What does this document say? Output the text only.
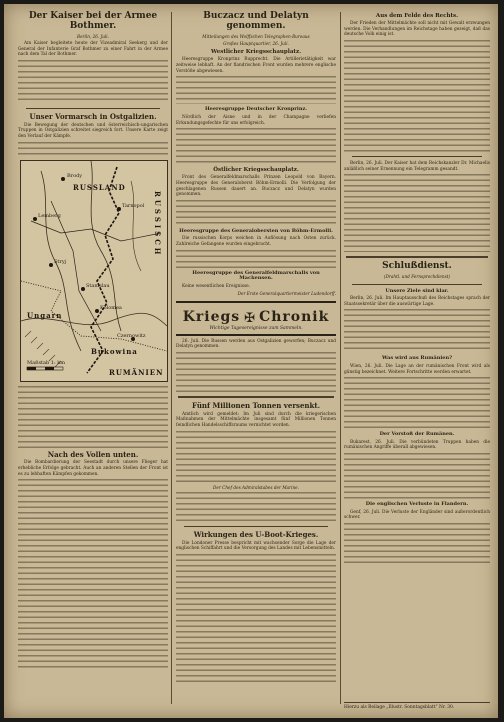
Der Kaiser bei der Armee Bothmer.
Berlin, 26. Juli.
Am Kaiser begleitete heute der Vizeadmiral Seekerg und der General der Infanterie Graf Bothmer zu einer Fahrt in der Armee nach dem Tal der Bothmer.
Unser Vormarsch in Ostgalizien.
Die Bewegung der deutschen und österreichisch-ungarischen Truppen in Ostgalizien schreitet siegreich fort. Unsere Karte zeigt den Verlauf der Kämpfe.
RUSSLAND
RUSSISCH
Brody
Tarnopol
Lemberg
Stryj
Czernowitz
Stanislau
Kolomea
Ungarn
Bukowina
RUMÄNIEN
Maßstab 1: km
Nach des Vollen unten.
Die Bombardierung der Seestadt durch unsere Flieger hat erhebliche Erfolge gebracht. Auch an anderen Stellen der Front ist es zu lebhaften Kämpfen gekommen.
Buczacz und Delatyn genommen.
Mitteilungen des Wolffschen Telegraphen-Bureaus
Großes Hauptquartier, 26. Juli.
Westlicher Kriegsschauplatz.
Heeresgruppe Kronprinz Rupprecht. Die Artillerietätigkeit war zeitweise lebhaft. An der flandrischen Front wurden mehrere englische Vorstöße abgewiesen.
Heeresgruppe Deutscher Kronprinz.
Nördlich der Aisne und in der Champagne verliefen Erkundungsgefechte für uns erfolgreich.
Östlicher Kriegsschauplatz.
Front des Generalfeldmarschalls Prinzen Leopold von Bayern. Heeresgruppe des Generaloberst Böhm-Ermolli. Die Verfolgung der geschlagenen Russen dauert an. Buczacz und Delatyn wurden genommen.
Heeresgruppe des Generalobersten von Böhm-Ermolli.
Die russischen Korps weichen in Auflösung nach Osten zurück. Zahlreiche Gefangene wurden eingebracht.
Heeresgruppe des Generalfeldmarschalls von Mackensen.
Keine wesentlichen Ereignisse.
Der Erste Generalquartiermeister Ludendorff.
Kriegs ✠ Chronik
Wichtige Tagesereignisse zum Sammeln.
26. Juli. Die Russen werden aus Ostgalizien geworfen; Buczacz und Delatyn genommen.
Fünf Millionen Tonnen versenkt.
Amtlich wird gemeldet: Im Juli sind durch die kriegerischen Maßnahmen der Mittelmächte insgesamt fünf Millionen Tonnen feindlichen Handelsschiffsraums vernichtet worden.
Der Chef des Admiralstabes der Marine.
Wirkungen des U-Boot-Krieges.
Die Londoner Presse bespricht mit wachsender Sorge die Lage der englischen Schiffahrt und die Versorgung des Landes mit Lebensmitteln.
Aus dem Felde des Rechts.
Der Frieden der Mittelmächte soll nicht mit Gewalt erzwungen werden. Die Verhandlungen im Reichstage haben gezeigt, daß das deutsche Volk einig ist.
Berlin, 26. Juli. Der Kaiser hat dem Reichskanzler Dr. Michaelis anläßlich seiner Ernennung ein Telegramm gesandt.
Schlußdienst.
(Drahtl. und Fernsprechdienst)
Unsere Ziele sind klar.
Berlin, 26. Juli. Im Hauptausschuß des Reichstages sprach der Staatssekretär über die auswärtige Lage.
Was wird aus Rumänien?
Wien, 26. Juli. Die Lage an der rumänischen Front wird als günstig bezeichnet. Weitere Fortschritte werden erwartet.
Der Vorstoß der Rumänen.
Bukarest, 26. Juli. Die verbündeten Truppen haben die rumänischen Angriffe überall abgewiesen.
Die englischen Verluste in Flandern.
Genf, 26. Juli. Die Verluste der Engländer sind außerordentlich schwer.
Hierzu als Beilage „Illustr. Sonntagsblatt“ Nr. 30.
